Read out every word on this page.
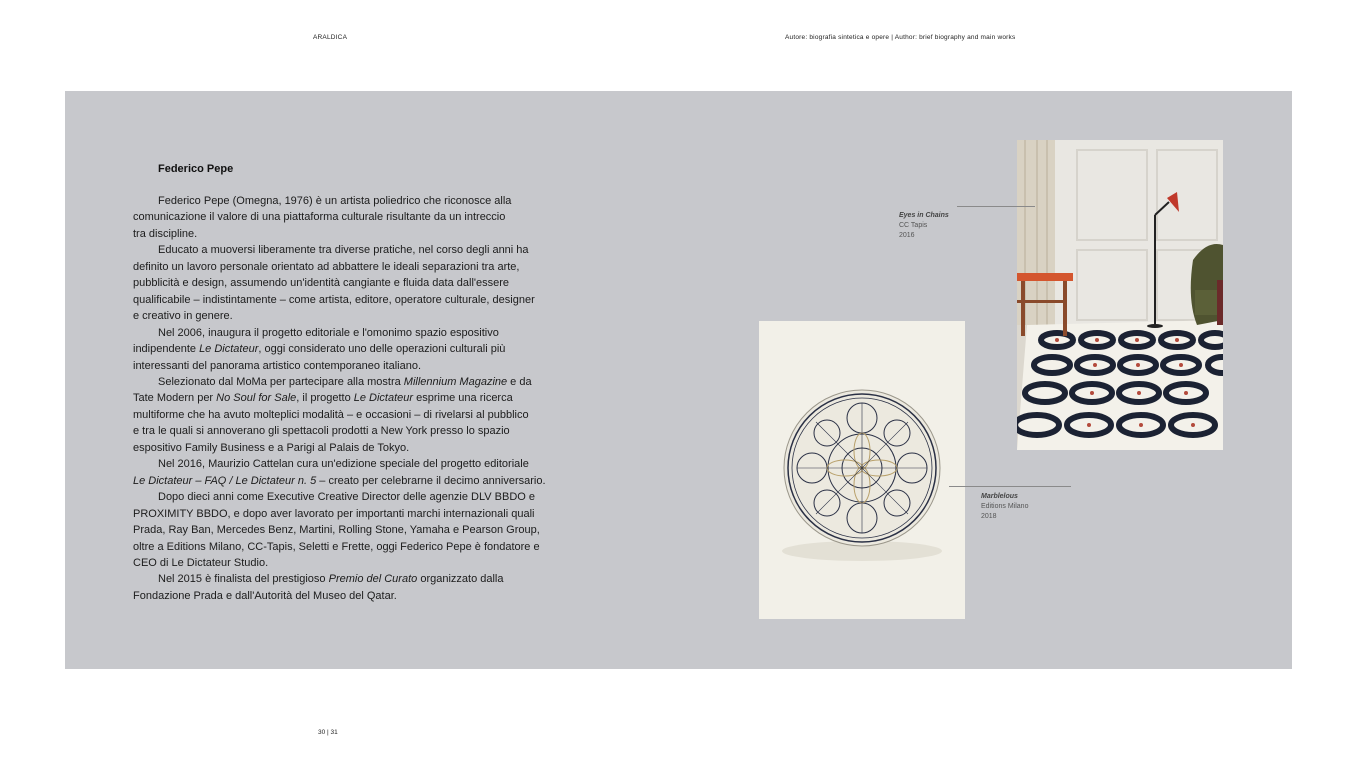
ARALDICA	Autore: biografia sintetica e opere | Author: brief biography and main works
Federico Pepe

Federico Pepe (Omegna, 1976) è un artista poliedrico che riconosce alla
comunicazione il valore di una piattaforma culturale risultante da un intreccio
tra discipline.

Educato a muoversi liberamente tra diverse pratiche, nel corso degli anni ha
definito un lavoro personale orientato ad abbattere le ideali separazioni tra arte,
pubblicità e design, assumendo un'identità cangiante e fluida data dall'essere
qualificabile – indistintamente – come artista, editore, operatore culturale, designer
e creativo in genere.

Nel 2006, inaugura il progetto editoriale e l'omonimo spazio espositivo
indipendente Le Dictateur, oggi considerato uno delle operazioni culturali più
interessanti del panorama artistico contemporaneo italiano.

Selezionato dal MoMa per partecipare alla mostra Millennium Magazine e da
Tate Modern per No Soul for Sale, il progetto Le Dictateur esprime una ricerca
multiforme che ha avuto molteplici modalità – e occasioni – di rivelarsi al pubblico
e tra le quali si annoverano gli spettacoli prodotti a New York presso lo spazio
espositivo Family Business e a Parigi al Palais de Tokyo.

Nel 2016, Maurizio Cattelan cura un'edizione speciale del progetto editoriale
Le Dictateur – FAQ / Le Dictateur n. 5 – creato per celebrarne il decimo anniversario.

Dopo dieci anni come Executive Creative Director delle agenzie DLV BBDO e
PROXIMITY BBDO, e dopo aver lavorato per importanti marchi internazionali quali
Prada, Ray Ban, Mercedes Benz, Martini, Rolling Stone, Yamaha e Pearson Group,
oltre a Editions Milano, CC-Tapis, Seletti e Frette, oggi Federico Pepe è fondatore e
CEO di Le Dictateur Studio.

Nel 2015 è finalista del prestigioso Premio del Curato organizzato dalla
Fondazione Prada e dall'Autorità del Museo del Qatar.

Eyes in Chains
CC Tapis
2016
Marblelous
Editions Milano
2018
30 | 31
